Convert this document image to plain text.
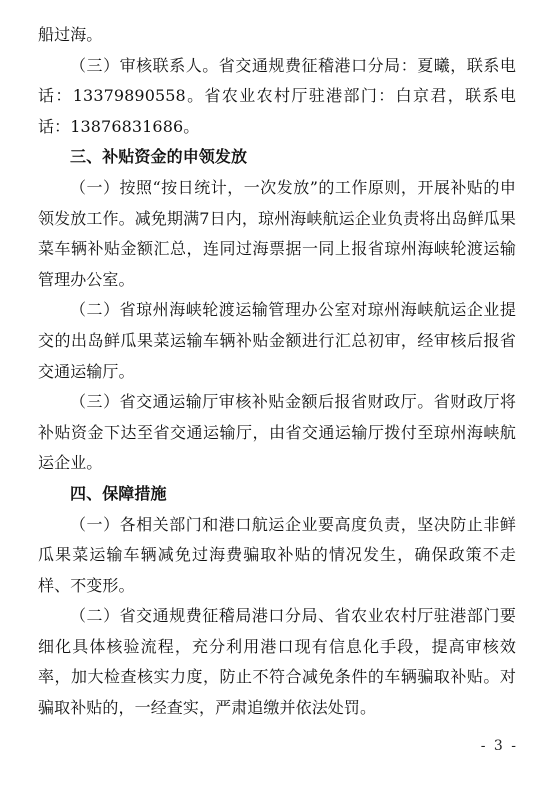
船过海。

（三）审核联系人。省交通规费征稽港口分局：夏曦，联系电话：13379890558。省农业农村厅驻港部门：白京君，联系电话：13876831686。

三、补贴资金的申领发放

（一）按照“按日统计，一次发放”的工作原则，开展补贴的申领发放工作。减免期满7日内，琼州海峡航运企业负责将出岛鲜瓜果菜车辆补贴金额汇总，连同过海票据一同上报省琼州海峡轮渡运输管理办公室。

（二）省琼州海峡轮渡运输管理办公室对琼州海峡航运企业提交的出岛鲜瓜果菜运输车辆补贴金额进行汇总初审，经审核后报省交通运输厅。

（三）省交通运输厅审核补贴金额后报省财政厅。省财政厅将补贴资金下达至省交通运输厅，由省交通运输厅拨付至琼州海峡航运企业。

四、保障措施

（一）各相关部门和港口航运企业要高度负责，坚决防止非鲜瓜果菜运输车辆减免过海费骗取补贴的情况发生，确保政策不走样、不变形。

（二）省交通规费征稽局港口分局、省农业农村厅驻港部门要细化具体核验流程，充分利用港口现有信息化手段，提高审核效率，加大检查核实力度，防止不符合减免条件的车辆骗取补贴。对骗取补贴的，一经查实，严肃追缴并依法处罚。

- 3 -
